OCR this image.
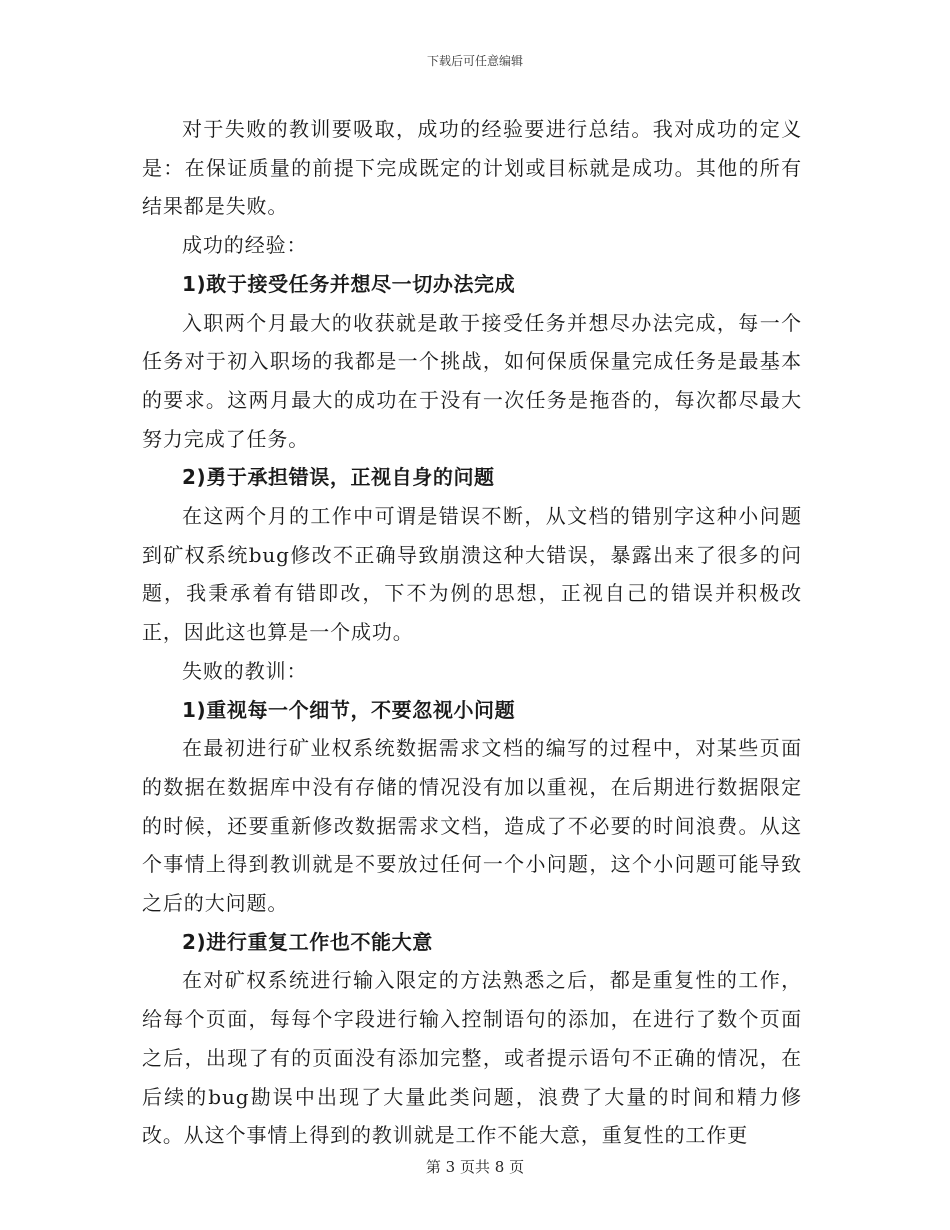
下载后可任意编辑

对于失败的教训要吸取，成功的经验要进行总结。我对成功的定义是：在保证质量的前提下完成既定的计划或目标就是成功。其他的所有结果都是失败。

成功的经验：

1)敢于接受任务并想尽一切办法完成

入职两个月最大的收获就是敢于接受任务并想尽办法完成，每一个任务对于初入职场的我都是一个挑战，如何保质保量完成任务是最基本的要求。这两月最大的成功在于没有一次任务是拖沓的，每次都尽最大努力完成了任务。

2)勇于承担错误，正视自身的问题

在这两个月的工作中可谓是错误不断，从文档的错别字这种小问题到矿权系统bug修改不正确导致崩溃这种大错误，暴露出来了很多的问题，我秉承着有错即改，下不为例的思想，正视自己的错误并积极改正，因此这也算是一个成功。

失败的教训：

1)重视每一个细节，不要忽视小问题

在最初进行矿业权系统数据需求文档的编写的过程中，对某些页面的数据在数据库中没有存储的情况没有加以重视，在后期进行数据限定的时候，还要重新修改数据需求文档，造成了不必要的时间浪费。从这个事情上得到教训就是不要放过任何一个小问题，这个小问题可能导致之后的大问题。

2)进行重复工作也不能大意

在对矿权系统进行输入限定的方法熟悉之后，都是重复性的工作，给每个页面，每每个字段进行输入控制语句的添加，在进行了数个页面之后，出现了有的页面没有添加完整，或者提示语句不正确的情况，在后续的bug勘误中出现了大量此类问题，浪费了大量的时间和精力修改。从这个事情上得到的教训就是工作不能大意，重复性的工作更

第 3 页共 8 页
